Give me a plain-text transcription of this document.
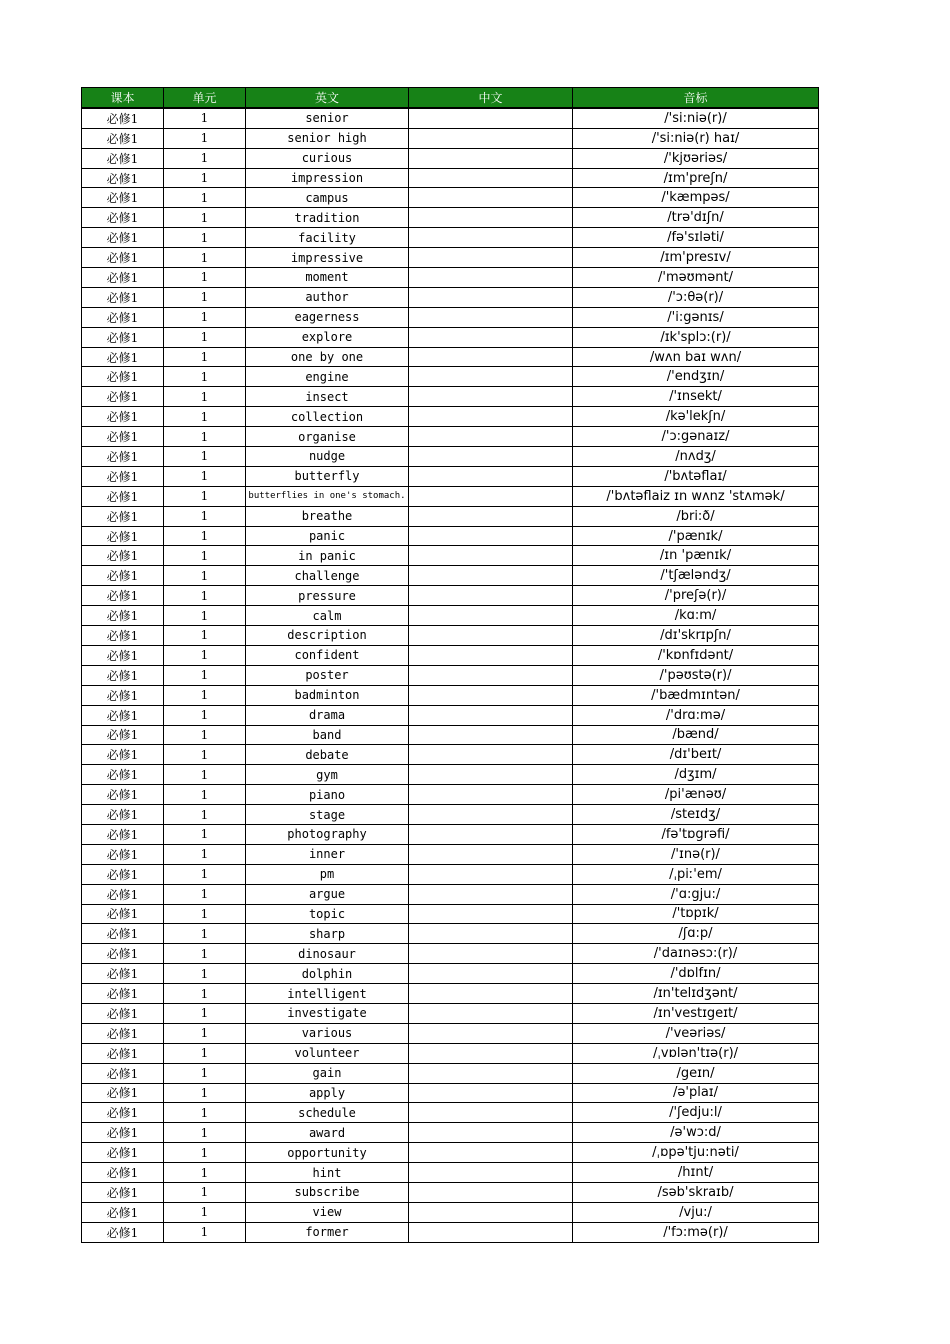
课本	单元	英文	中文	音标
必修1	1	senior		/'si:niə(r)/
必修1	1	senior high		/'si:niə(r) haɪ/
必修1	1	curious		/'kjʊəriəs/
必修1	1	impression		/ɪm'preʃn/
必修1	1	campus		/'kæmpəs/
必修1	1	tradition		/trə'dɪʃn/
必修1	1	facility		/fə'sɪləti/
必修1	1	impressive		/ɪm'presɪv/
必修1	1	moment		/'məʊmənt/
必修1	1	author		/'ɔ:θə(r)/
必修1	1	eagerness		/'i:gənɪs/
必修1	1	explore		/ɪk'splɔ:(r)/
必修1	1	one by one		/wʌn baɪ wʌn/
必修1	1	engine		/'endʒɪn/
必修1	1	insect		/'ɪnsekt/
必修1	1	collection		/kə'lekʃn/
必修1	1	organise		/'ɔ:gənaɪz/
必修1	1	nudge		/nʌdʒ/
必修1	1	butterfly		/'bʌtəflaɪ/
必修1	1	butterflies in one's stomach.		/'bʌtəflaiz ɪn wʌnz 'stʌmək/
必修1	1	breathe		/bri:ð/
必修1	1	panic		/'pænɪk/
必修1	1	in panic		/ɪn 'pænɪk/
必修1	1	challenge		/'tʃæləndʒ/
必修1	1	pressure		/'preʃə(r)/
必修1	1	calm		/kɑ:m/
必修1	1	description		/dɪ'skrɪpʃn/
必修1	1	confident		/'kɒnfɪdənt/
必修1	1	poster		/'pəʊstə(r)/
必修1	1	badminton		/'bædmɪntən/
必修1	1	drama		/'drɑ:mə/
必修1	1	band		/bænd/
必修1	1	debate		/dɪ'beɪt/
必修1	1	gym		/dʒɪm/
必修1	1	piano		/pi'ænəʊ/
必修1	1	stage		/steɪdʒ/
必修1	1	photography		/fə'tɒgrəfi/
必修1	1	inner		/'ɪnə(r)/
必修1	1	pm		/ˌpiː'em/
必修1	1	argue		/'ɑ:gju:/
必修1	1	topic		/'tɒpɪk/
必修1	1	sharp		/ʃɑ:p/
必修1	1	dinosaur		/'daɪnəsɔ:(r)/
必修1	1	dolphin		/'dɒlfɪn/
必修1	1	intelligent		/ɪn'telɪdʒənt/
必修1	1	investigate		/ɪn'vestɪgeɪt/
必修1	1	various		/'veəriəs/
必修1	1	volunteer		/ˌvɒlən'tɪə(r)/
必修1	1	gain		/geɪn/
必修1	1	apply		/ə'plaɪ/
必修1	1	schedule		/'ʃedju:l/
必修1	1	award		/ə'wɔ:d/
必修1	1	opportunity		/ˌɒpə'tju:nəti/
必修1	1	hint		/hɪnt/
必修1	1	subscribe		/səb'skraɪb/
必修1	1	view		/vju:/
必修1	1	former		/'fɔ:mə(r)/
